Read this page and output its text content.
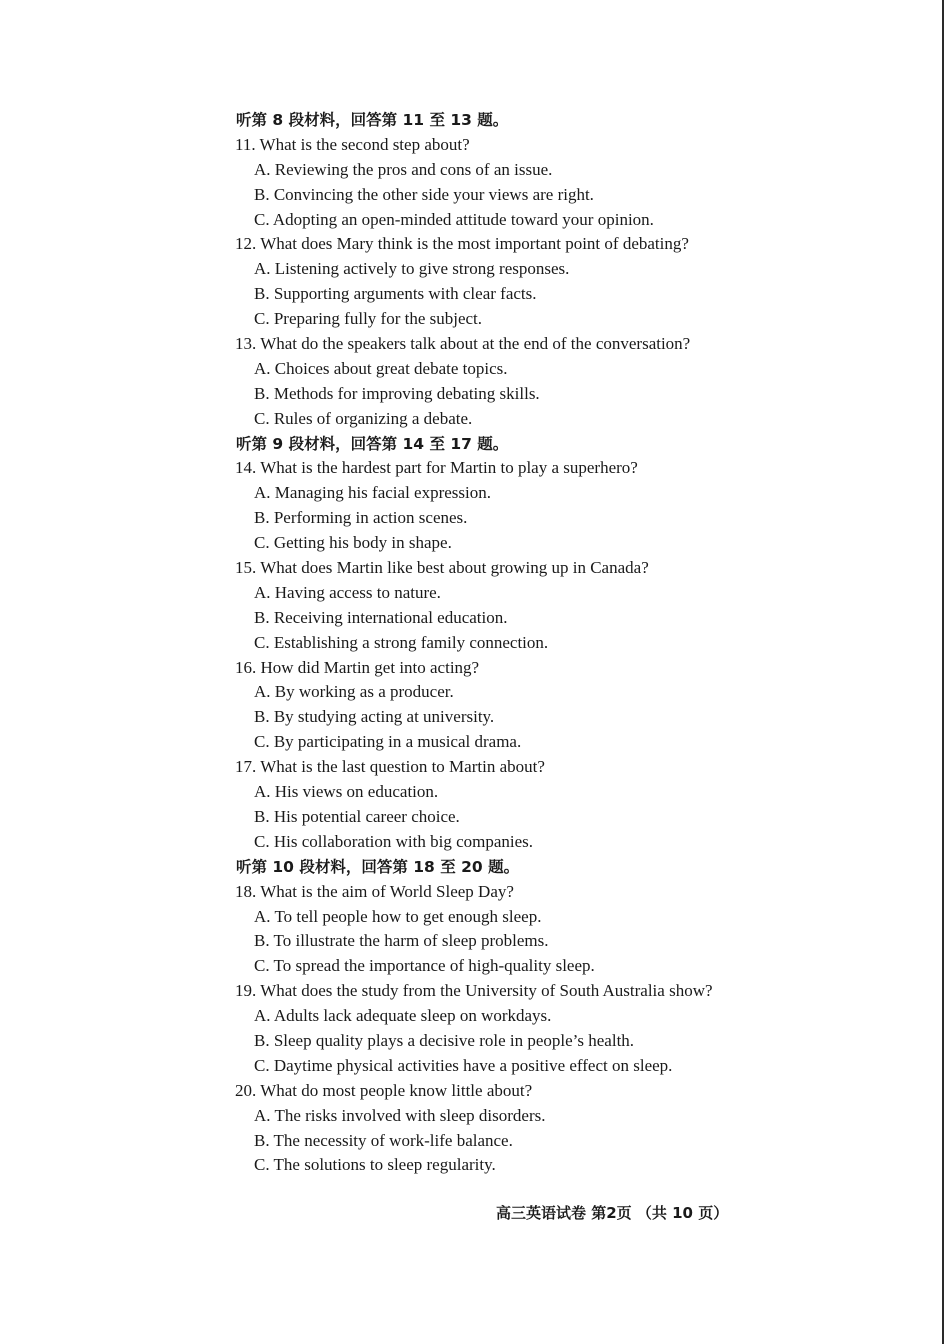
听第 8 段材料，回答第 11 至 13 题。
11. What is the second step about?
A. Reviewing the pros and cons of an issue.
B. Convincing the other side your views are right.
C. Adopting an open-minded attitude toward your opinion.
12. What does Mary think is the most important point of debating?
A. Listening actively to give strong responses.
B. Supporting arguments with clear facts.
C. Preparing fully for the subject.
13. What do the speakers talk about at the end of the conversation?
A. Choices about great debate topics.
B. Methods for improving debating skills.
C. Rules of organizing a debate.
听第 9 段材料，回答第 14 至 17 题。
14. What is the hardest part for Martin to play a superhero?
A. Managing his facial expression.
B. Performing in action scenes.
C. Getting his body in shape.
15. What does Martin like best about growing up in Canada?
A. Having access to nature.
B. Receiving international education.
C. Establishing a strong family connection.
16. How did Martin get into acting?
A. By working as a producer.
B. By studying acting at university.
C. By participating in a musical drama.
17. What is the last question to Martin about?
A. His views on education.
B. His potential career choice.
C. His collaboration with big companies.
听第 10 段材料，回答第 18 至 20 题。
18. What is the aim of World Sleep Day?
A. To tell people how to get enough sleep.
B. To illustrate the harm of sleep problems.
C. To spread the importance of high-quality sleep.
19. What does the study from the University of South Australia show?
A. Adults lack adequate sleep on workdays.
B. Sleep quality plays a decisive role in people’s health.
C. Daytime physical activities have a positive effect on sleep.
20. What do most people know little about?
A. The risks involved with sleep disorders.
B. The necessity of work-life balance.
C. The solutions to sleep regularity.
高三英语试卷 第2页 （共 10 页）
